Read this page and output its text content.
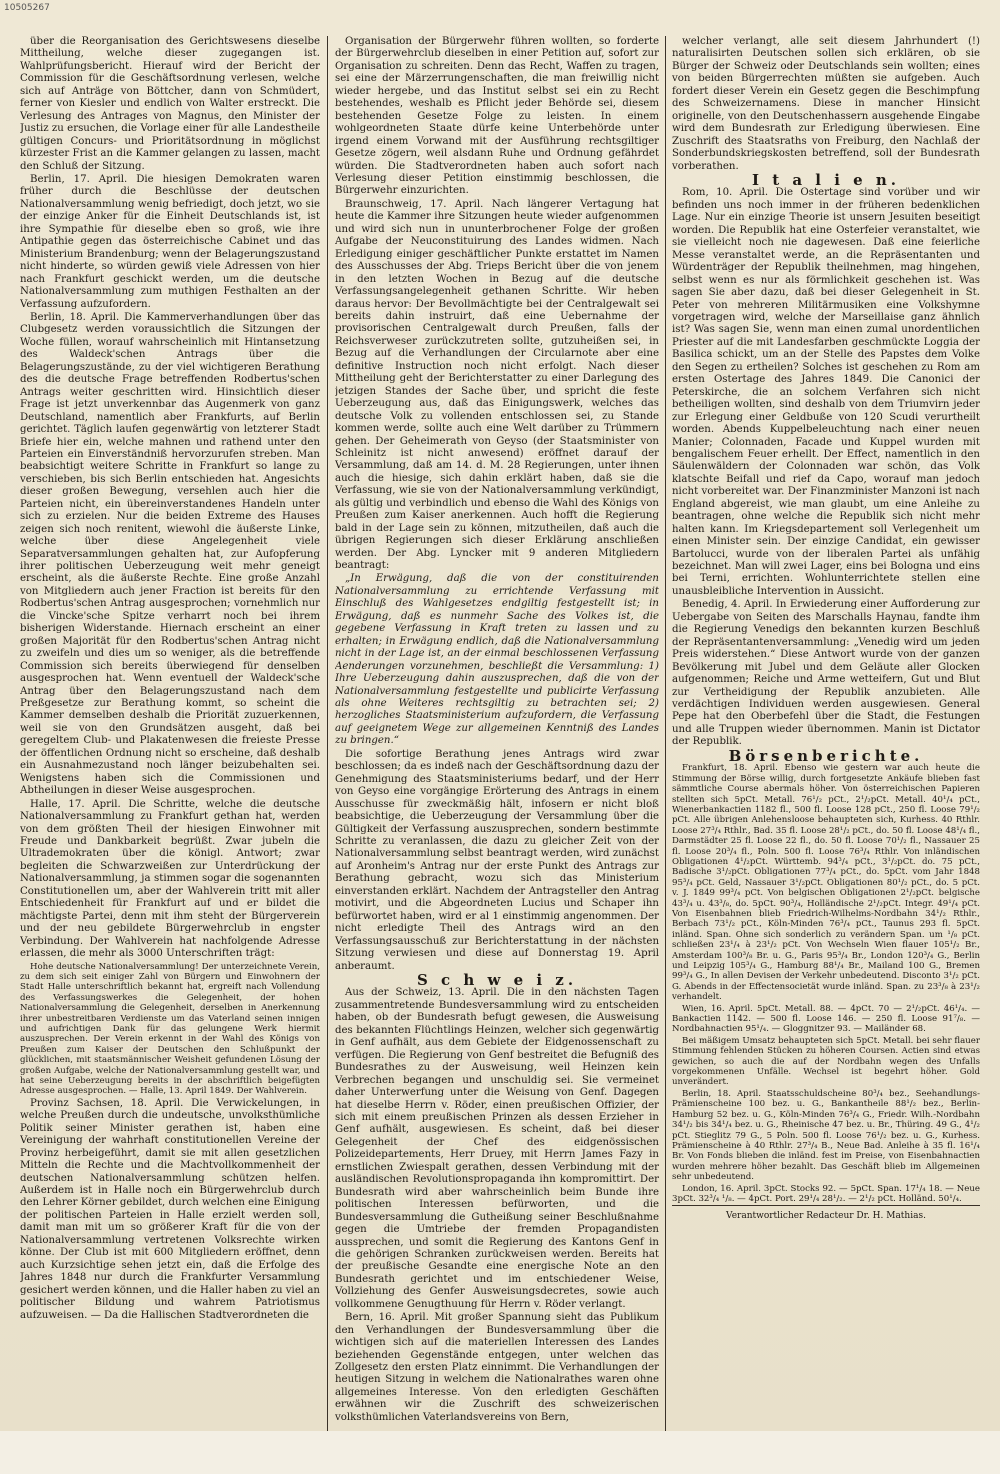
10505267

über die Reorganisation des Gerichtswesens dieselbe Mittheilung, welche dieser zugegangen ist. Wahlprüfungsbericht. Hierauf wird der Bericht der Commission für die Geschäftsordnung verlesen, welche sich auf Anträge von Böttcher, dann von Schmüdert, ferner von Kiesler und endlich von Walter erstreckt. Die Verlesung des Antrages von Magnus, den Minister der Justiz zu ersuchen, die Vorlage einer für alle Landestheile gültigen Concurs- und Prioritätsordnung in möglichst kürzester Frist an die Kammer gelangen zu lassen, macht den Schluß der Sitzung.

Berlin, 17. April. Die hiesigen Demokraten waren früher durch die Beschlüsse der deutschen Nationalversammlung wenig befriedigt, doch jetzt, wo sie der einzige Anker für die Einheit Deutschlands ist, ist ihre Sympathie für dieselbe eben so groß, wie ihre Antipathie gegen das österreichische Cabinet und das Ministerium Brandenburg; wenn der Belagerungszustand nicht hinderte, so würden gewiß viele Adressen von hier nach Frankfurt geschickt werden, um die deutsche Nationalversammlung zum muthigen Festhalten an der Verfassung aufzufordern.

Berlin, 18. April. Die Kammerverhandlungen über das Clubgesetz werden voraussichtlich die Sitzungen der Woche füllen, worauf wahrscheinlich mit Hintansetzung des Waldeck'schen Antrags über die Belagerungszustände, zu der viel wichtigeren Berathung des die deutsche Frage betreffenden Rodbertus'schen Antrags weiter geschritten wird. Hinsichtlich dieser Frage ist jetzt unverkennbar das Augenmerk von ganz Deutschland, namentlich aber Frankfurts, auf Berlin gerichtet. Täglich laufen gegenwärtig von letzterer Stadt Briefe hier ein, welche mahnen und rathend unter den Parteien ein Einverständniß hervorzurufen streben. Man beabsichtigt weitere Schritte in Frankfurt so lange zu verschieben, bis sich Berlin entschieden hat. Angesichts dieser großen Bewegung, versehlen auch hier die Parteien nicht, ein übereinverstandenes Handeln unter sich zu erzielen. Nur die beiden Extreme des Hauses zeigen sich noch renitent, wiewohl die äußerste Linke, welche über diese Angelegenheit viele Separatversammlungen gehalten hat, zur Aufopferung ihrer politischen Ueberzeugung weit mehr geneigt erscheint, als die äußerste Rechte. Eine große Anzahl von Mitgliedern auch jener Fraction ist bereits für den Rodbertus'schen Antrag ausgesprochen; vornehmlich nur die Vincke'sche Spitze verharrt noch bei ihrem bisherigen Widerstande. Hiernach erscheint an einer großen Majorität für den Rodbertus'schen Antrag nicht zu zweifeln und dies um so weniger, als die betreffende Commission sich bereits überwiegend für denselben ausgesprochen hat. Wenn eventuell der Waldeck'sche Antrag über den Belagerungszustand nach dem Preßgesetze zur Berathung kommt, so scheint die Kammer demselben deshalb die Priorität zuzuerkennen, weil sie von den Grundsätzen ausgeht, daß bei geregeltem Club- und Plakatenwesen die freieste Presse der öffentlichen Ordnung nicht so erscheine, daß deshalb ein Ausnahmezustand noch länger beizubehalten sei. Wenigstens haben sich die Commissionen und Abtheilungen in dieser Weise ausgesprochen.

Halle, 17. April. Die Schritte, welche die deutsche Nationalversammlung zu Frankfurt gethan hat, werden von dem größten Theil der hiesigen Einwohner mit Freude und Dankbarkeit begrüßt. Zwar jubeln die Ultrademokraten über die königl. Antwort; zwar begleiten die Schwarzweißen zur Unterdrückung der Nationalversammlung, ja stimmen sogar die sogenannten Constitutionellen um, aber der Wahlverein tritt mit aller Entschiedenheit für Frankfurt auf und er bildet die mächtigste Partei, denn mit ihm steht der Bürgerverein und der neu gebildete Bürgerwehrclub in engster Verbindung. Der Wahlverein hat nachfolgende Adresse erlassen, die mehr als 3000 Unterschriften trägt:

Hohe deutsche Nationalversammlung! Der unterzeichnete Verein, zu dem sich seit einiger Zahl von Bürgern und Einwohnern der Stadt Halle unterschriftlich bekannt hat, ergreift nach Vollendung des Verfassungswerkes die Gelegenheit, der hohen Nationalversammlung die Gelegenheit, derselben in Anerkennung ihrer unbestreitbaren Verdienste um das Vaterland seinen innigen und aufrichtigen Dank für das gelungene Werk hiermit auszusprechen. Der Verein erkennt in der Wahl des Königs von Preußen zum Kaiser der Deutschen den Schlußpunkt der glücklichen, mit staatsmännischer Weisheit gefundenen Lösung der großen Aufgabe, welche der Nationalversammlung gestellt war, und hat seine Ueberzeugung bereits in der abschriftlich beigefügten Adresse ausgesprochen. — Halle, 13. April 1849. Der Wahlverein.

Provinz Sachsen, 18. April. Die Verwickelungen, in welche Preußen durch die undeutsche, unvolksthümliche Politik seiner Minister gerathen ist, haben eine Vereinigung der wahrhaft constitutionellen Vereine der Provinz herbeigeführt, damit sie mit allen gesetzlichen Mitteln die Rechte und die Machtvollkommenheit der deutschen Nationalversammlung schützen helfen. Außerdem ist in Halle noch ein Bürgerwehrclub durch den Lehrer Körner gebildet, durch welchen eine Einigung der politischen Parteien in Halle erzielt werden soll, damit man mit um so größerer Kraft für die von der Nationalversammlung vertretenen Volksrechte wirken könne. Der Club ist mit 600 Mitgliedern eröffnet, denn auch Kurzsichtige sehen jetzt ein, daß die Erfolge des Jahres 1848 nur durch die Frankfurter Versammlung gesichert werden können, und die Haller haben zu viel an politischer Bildung und wahrem Patriotismus aufzuweisen. — Da die Hallischen Stadtverordneten die

Organisation der Bürgerwehr führen wollten, so forderte der Bürgerwehrclub dieselben in einer Petition auf, sofort zur Organisation zu schreiten. Denn das Recht, Waffen zu tragen, sei eine der Märzerrungenschaften, die man freiwillig nicht wieder hergebe, und das Institut selbst sei ein zu Recht bestehendes, weshalb es Pflicht jeder Behörde sei, diesem bestehenden Gesetze Folge zu leisten. In einem wohlgeordneten Staate dürfe keine Unterbehörde unter irgend einem Vorwand mit der Ausführung rechtsgiltiger Gesetze zögern, weil alsdann Ruhe und Ordnung gefährdet würden. Die Stadtverordneten haben auch sofort nach Verlesung dieser Petition einstimmig beschlossen, die Bürgerwehr einzurichten.

Braunschweig, 17. April. Nach längerer Vertagung hat heute die Kammer ihre Sitzungen heute wieder aufgenommen und wird sich nun in ununterbrochener Folge der großen Aufgabe der Neuconstituirung des Landes widmen. Nach Erledigung einiger geschäftlicher Punkte erstattet im Namen des Ausschusses der Abg. Trieps Bericht über die von jenem in den letzten Wochen in Bezug auf die deutsche Verfassungsangelegenheit gethanen Schritte. Wir heben daraus hervor: Der Bevollmächtigte bei der Centralgewalt sei bereits dahin instruirt, daß eine Uebernahme der provisorischen Centralgewalt durch Preußen, falls der Reichsverweser zurückzutreten sollte, gutzuheißen sei, in Bezug auf die Verhandlungen der Circularnote aber eine definitive Instruction noch nicht erfolgt. Nach dieser Mittheilung geht der Berichterstatter zu einer Darlegung des jetzigen Standes der Sache über, und spricht die feste Ueberzeugung aus, daß das Einigungswerk, welches das deutsche Volk zu vollenden entschlossen sei, zu Stande kommen werde, sollte auch eine Welt darüber zu Trümmern gehen. Der Geheimerath von Geyso (der Staatsminister von Schleinitz ist nicht anwesend) eröffnet darauf der Versammlung, daß am 14. d. M. 28 Regierungen, unter ihnen auch die hiesige, sich dahin erklärt haben, daß sie die Verfassung, wie sie von der Nationalversammlung verkündigt, als gültig und verbindlich und ebenso die Wahl des Königs von Preußen zum Kaiser anerkennen. Auch hofft die Regierung bald in der Lage sein zu können, mitzutheilen, daß auch die übrigen Regierungen sich dieser Erklärung anschließen werden. Der Abg. Lyncker mit 9 anderen Mitgliedern beantragt:

„In Erwägung, daß die von der constituirenden Nationalversammlung zu errichtende Verfassung mit Einschluß des Wahlgesetzes endgiltig festgestellt ist; in Erwägung, daß es nunmehr Sache des Volkes ist, die gegebene Verfassung in Kraft treten zu lassen und zu erhalten; in Erwägung endlich, daß die Nationalversammlung nicht in der Lage ist, an der einmal beschlossenen Verfassung Aenderungen vorzunehmen, beschließt die Versammlung: 1) Ihre Ueberzeugung dahin auszusprechen, daß die von der Nationalversammlung festgestellte und publicirte Verfassung als ohne Weiteres rechtsgiltig zu betrachten sei; 2) herzogliches Staatsministerium aufzufordern, die Verfassung auf geeignetem Wege zur allgemeinen Kenntniß des Landes zu bringen.“

Die sofortige Berathung jenes Antrags wird zwar beschlossen; da es indeß nach der Geschäftsordnung dazu der Genehmigung des Staatsministeriums bedarf, und der Herr von Geyso eine vorgängige Erörterung des Antrags in einem Ausschusse für zweckmäßig hält, infosern er nicht bloß beabsichtige, die Ueberzeugung der Versammlung über die Gültigkeit der Verfassung auszusprechen, sondern bestimmte Schritte zu veranlassen, die dazu zu gleicher Zeit von der Nationalversammlung selbst beantragt werden, wird zunächst auf Aronheim's Antrag nur der erste Punkt des Antrags zur Berathung gebracht, wozu sich das Ministerium einverstanden erklärt. Nachdem der Antragsteller den Antrag motivirt, und die Abgeordneten Lucius und Schaper ihn befürwortet haben, wird er al 1 einstimmig angenommen. Der nicht erledigte Theil des Antrags wird an den Verfassungsausschuß zur Berichterstattung in der nächsten Sitzung verwiesen und diese auf Donnerstag 19. April anberaumt.

S c h w e i z.

Aus der Schweiz, 13. April. Die in den nächsten Tagen zusammentretende Bundesversammlung wird zu entscheiden haben, ob der Bundesrath befugt gewesen, die Ausweisung des bekannten Flüchtlings Heinzen, welcher sich gegenwärtig in Genf aufhält, aus dem Gebiete der Eidgenossenschaft zu verfügen. Die Regierung von Genf bestreitet die Befugniß des Bundesrathes zu der Ausweisung, weil Heinzen kein Verbrechen begangen und unschuldig sei. Sie vermeinet daher Unterwerfung unter die Weisung von Genf. Dagegen hat dieselbe Herrn v. Röder, einen preußischen Offizier, der sich mit einem preußischen Prinzen als dessen Erzieher in Genf aufhält, ausgewiesen. Es scheint, daß bei dieser Gelegenheit der Chef des eidgenössischen Polizeidepartements, Herr Druey, mit Herrn James Fazy in ernstlichen Zwiespalt gerathen, dessen Verbindung mit der ausländischen Revolutionspropaganda ihn kompromittirt. Der Bundesrath wird aber wahrscheinlich beim Bunde ihre politischen Interessen befürworten, und die Bundesversammlung die Gutheißung seiner Beschlußnahme gegen die Umtriebe der fremden Propagandisten aussprechen, und somit die Regierung des Kantons Genf in die gehörigen Schranken zurückweisen werden. Bereits hat der preußische Gesandte eine energische Note an den Bundesrath gerichtet und im entschiedener Weise, Vollziehung des Genfer Ausweisungsdecretes, sowie auch vollkommene Genugthuung für Herrn v. Röder verlangt.

Bern, 16. April. Mit großer Spannung sieht das Publikum den Verhandlungen der Bundesversammlung über die wichtigen sich auf die materiellen Interessen des Landes beziehenden Gegenstände entgegen, unter welchen das Zollgesetz den ersten Platz einnimmt. Die Verhandlungen der heutigen Sitzung in welchem die Nationalrathes waren ohne allgemeines Interesse. Von den erledigten Geschäften erwähnen wir die Zuschrift des schweizerischen volksthümlichen Vaterlandsvereins von Bern,

welcher verlangt, alle seit diesem Jahrhundert (!) naturalisirten Deutschen sollen sich erklären, ob sie Bürger der Schweiz oder Deutschlands sein wollten; eines von beiden Bürgerrechten müßten sie aufgeben. Auch fordert dieser Verein ein Gesetz gegen die Beschimpfung des Schweizernamens. Diese in mancher Hinsicht originelle, von den Deutschenhassern ausgehende Eingabe wird dem Bundesrath zur Erledigung überwiesen. Eine Zuschrift des Staatsraths von Freiburg, den Nachlaß der Sonderbundskriegskosten betreffend, soll der Bundesrath vorberathen.

I t a l i e n.

Rom, 10. April. Die Ostertage sind vorüber und wir befinden uns noch immer in der früheren bedenklichen Lage. Nur ein einzige Theorie ist unsern Jesuiten beseitigt worden. Die Republik hat eine Osterfeier veranstaltet, wie sie vielleicht noch nie dagewesen. Daß eine feierliche Messe veranstaltet werde, an die Repräsentanten und Würdenträger der Republik theilnehmen, mag hingehen, selbst wenn es nur als förmlichkeit geschehen ist. Was sagen Sie aber dazu, daß bei dieser Gelegenheit in St. Peter von mehreren Militärmusiken eine Volkshymne vorgetragen wird, welche der Marseillaise ganz ähnlich ist? Was sagen Sie, wenn man einen zumal unordentlichen Priester auf die mit Landesfarben geschmückte Loggia der Basilica schickt, um an der Stelle des Papstes dem Volke den Segen zu ertheilen? Solches ist geschehen zu Rom am ersten Ostertage des Jahres 1849. Die Canonici der Peterskirche, die an solchem Verfahren sich nicht betheiligen wollten, sind deshalb von dem Triumvirn jeder zur Erlegung einer Geldbuße von 120 Scudi verurtheilt worden. Abends Kuppelbeleuchtung nach einer neuen Manier; Colonnaden, Facade und Kuppel wurden mit bengalischem Feuer erhellt. Der Effect, namentlich in den Säulenwäldern der Colonnaden war schön, das Volk klatschte Beifall und rief da Capo, worauf man jedoch nicht vorbereitet war. Der Finanzminister Manzoni ist nach England abgereist, wie man glaubt, um eine Anleihe zu beantragen, ohne welche die Republik sich nicht mehr halten kann. Im Kriegsdepartement soll Verlegenheit um einen Minister sein. Der einzige Candidat, ein gewisser Bartolucci, wurde von der liberalen Partei als unfähig bezeichnet. Man will zwei Lager, eins bei Bologna und eins bei Terni, errichten. Wohlunterrichtete stellen eine unausbleibliche Intervention in Aussicht.

Benedig, 4. April. In Erwiederung einer Aufforderung zur Uebergabe von Seiten des Marschalls Haynau, fandte ihm die Regierung Venedigs den bekannten kurzen Beschluß der Repräsentantenversammlung: „Venedig wird um jeden Preis widerstehen.“ Diese Antwort wurde von der ganzen Bevölkerung mit Jubel und dem Geläute aller Glocken aufgenommen; Reiche und Arme wetteifern, Gut und Blut zur Vertheidigung der Republik anzubieten. Alle verdächtigen Individuen werden ausgewiesen. General Pepe hat den Oberbefehl über die Stadt, die Festungen und alle Truppen wieder übernommen. Manin ist Dictator der Republik.

Börsenberichte.

Frankfurt, 18. April. Ebenso wie gestern war auch heute die Stimmung der Börse willig, durch fortgesetzte Ankäufe blieben fast sämmtliche Course abermals höher. Von österreichischen Papieren stellten sich 5pCt. Metall. 76¹/₂ pCt., 2¹/₂pCt. Metall. 40¹/₄ pCt., Wienerbankactien 1182 fl., 500 fl. Loose 128 pCt., 250 fl. Loose 79¹/₂ pCt. Alle übrigen Anlehensloose behaupteten sich, Kurhess. 40 Rthlr. Loose 27³/₄ Rthlr., Bad. 35 fl. Loose 28¹/₂ pCt., do. 50 fl. Loose 48¹/₄ fl., Darmstädter 25 fl. Loose 22 fl., do. 50 fl. Loose 70¹/₂ fl., Nassauer 25 fl. Loose 20³/₄ fl., Poln. 500 fl. Loose 76³/₄ Rthlr. Von inländischen Obligationen 4¹/₂pCt. Württemb. 94³/₄ pCt., 3¹/₂pCt. do. 75 pCt., Badische 3¹/₂pCt. Obligationen 77³/₄ pCt., do. 5pCt. vom Jahr 1848 95³/₄ pCt. Geld, Nassauer 3¹/₂pCt. Obligationen 80¹/₂ pCt., do. 5 pCt. v. J. 1849 99³/₄ pCt. Von belgischen Obligationen 2¹/₂pCt. belgische 43³/₄ u. 43³/₈, do. 5pCt. 90³/₄, Holländische 2¹/₂pCt. Integr. 49¹/₄ pCt. Von Eisenbahnen blieb Friedrich-Wilhelms-Nordbahn 34¹/₂ Rthlr., Berbach 73¹/₂ pCt., Köln-Minden 76³/₄ pCt., Taunus 293 fl. 5pCt. inländ. Span. Ohne sich sonderlich zu verändern Span. um ¹/₈ pCt. schließen 23¹/₄ à 23¹/₂ pCt. Von Wechseln Wien flauer 105¹/₂ Br., Amsterdam 100³/₈ Br. u. G., Paris 95³/₄ Br., London 120³/₄ G., Berlin und Leipzig 105³/₄ G., Hamburg 88¹/₄ Br., Mailand 100 G., Bremen 99³/₄ G., In allen Devisen der Verkehr unbedeutend. Disconto 3¹/₂ pCt. G. Abends in der Effectensocietät wurde inländ. Span. zu 23³/₈ à 23¹/₂ verhandelt.

Wien, 16. April. 5pCt. Metall. 88. — 4pCt. 70 — 2¹/₂pCt. 46¹/₄. — Bankactien 1142. — 500 fl. Loose 146. — 250 fl. Loose 91⁷/₈. — Nordbahnactien 95¹/₄. — Gloggnitzer 93. — Mailänder 68.

Bei mäßigem Umsatz behaupteten sich 5pCt. Metall. bei sehr flauer Stimmung fehlenden Stücken zu höheren Coursen. Actien sind etwas gewichen, so auch die auf der Nordbahn wegen des Unfalls vorgekommenen Unfälle. Wechsel ist begehrt höher. Gold unverändert.

Berlin, 18. April. Staatsschuldscheine 80³/₄ bez., Seehandlungs-Prämienscheine 100 bez. u. G., Bankantheile 88¹/₂ bez., Berlin-Hamburg 52 bez. u. G., Köln-Minden 76³/₄ G., Friedr. Wilh.-Nordbahn 34¹/₂ bis 34¹/₄ bez. u. G., Rheinische 47 bez. u. Br., Thüring. 49 G., 4¹/₂ pCt. Stieglitz 79 G., 5 Poln. 500 fl. Loose 76¹/₂ bez. u. G., Kurhess. Prämienscheine à 40 Rthlr. 27³/₄ B., Neue Bad. Anleihe à 35 fl. 16¹/₄ Br. Von Fonds blieben die inländ. fest im Preise, von Eisenbahnactien wurden mehrere höher bezahlt. Das Geschäft blieb im Allgemeinen sehr unbedeutend.

London, 16. April. 3pCt. Stocks 92. — 5pCt. Span. 17¹/₄ 18. — Neue 3pCt. 32³/₄ ¹/₈. — 4pCt. Port. 29¹/₄ 28¹/₂. — 2¹/₂ pCt. Holländ. 50¹/₄.

Verantwortlicher Redacteur Dr. H. Mathias.
